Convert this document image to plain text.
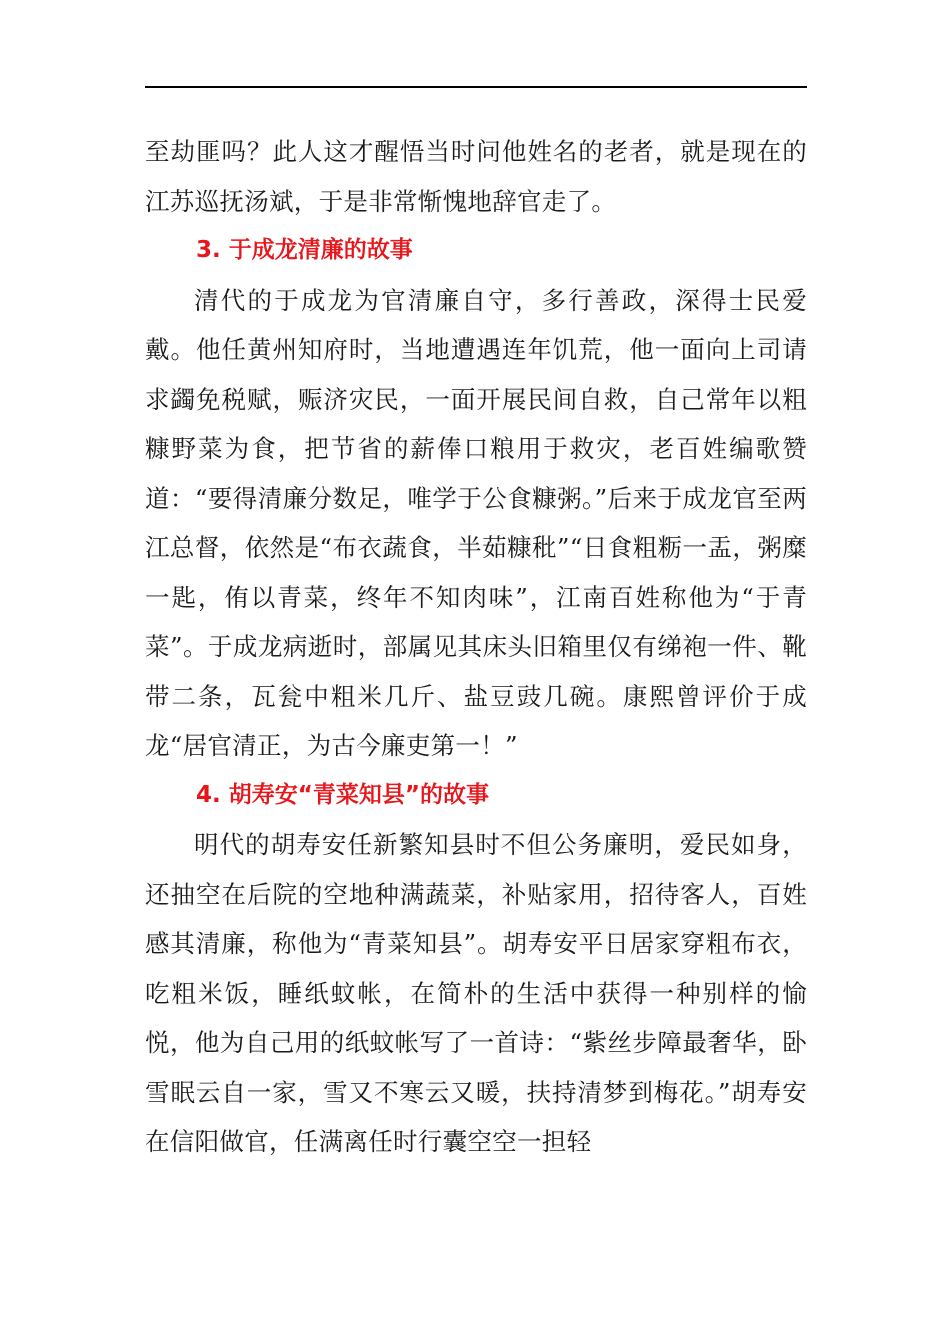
至劫匪吗？此人这才醒悟当时问他姓名的老者，就是现在的江苏巡抚汤斌，于是非常惭愧地辞官走了。

3. 于成龙清廉的故事

清代的于成龙为官清廉自守，多行善政，深得士民爱戴。他任黄州知府时，当地遭遇连年饥荒，他一面向上司请求蠲免税赋，赈济灾民，一面开展民间自救，自己常年以粗糠野菜为食，把节省的薪俸口粮用于救灾，老百姓编歌赞道：“要得清廉分数足，唯学于公食糠粥。”后来于成龙官至两江总督，依然是“布衣蔬食，半茹糠秕”“日食粗粝一盂，粥糜一匙，侑以青菜，终年不知肉味”，江南百姓称他为“于青菜”。于成龙病逝时，部属见其床头旧箱里仅有绨袍一件、靴带二条，瓦瓮中粗米几斤、盐豆豉几碗。康熙曾评价于成龙“居官清正，为古今廉吏第一！”

4. 胡寿安“青菜知县”的故事

明代的胡寿安任新繁知县时不但公务廉明，爱民如身，还抽空在后院的空地种满蔬菜，补贴家用，招待客人，百姓感其清廉，称他为“青菜知县”。胡寿安平日居家穿粗布衣，吃粗米饭，睡纸蚊帐，在简朴的生活中获得一种别样的愉悦，他为自己用的纸蚊帐写了一首诗：“紫丝步障最奢华，卧雪眠云自一家，雪又不寒云又暖，扶持清梦到梅花。”胡寿安在信阳做官，任满离任时行囊空空一担轻
